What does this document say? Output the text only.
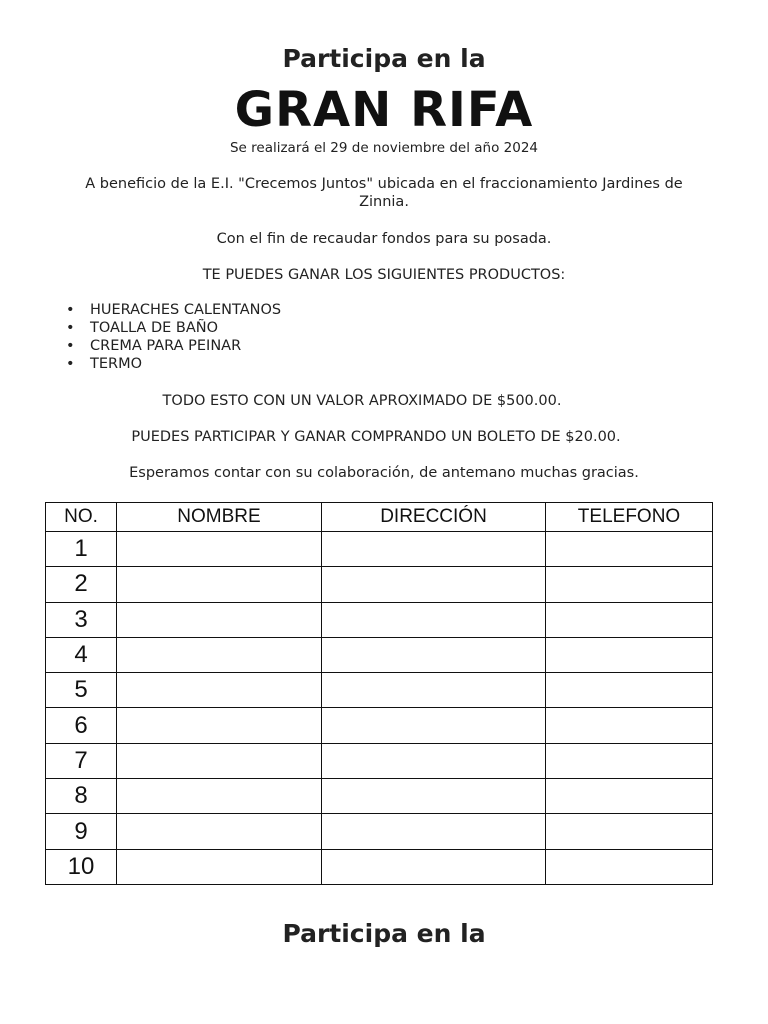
Participa en la
GRAN RIFA
Se realizará el 29 de noviembre del año 2024
A beneficio de la E.I. "Crecemos Juntos" ubicada en el fraccionamiento Jardines de Zinnia.
Con el fin de recaudar fondos para su posada.
TE PUEDES GANAR LOS SIGUIENTES PRODUCTOS:
• HUERACHES CALENTANOS
• TOALLA DE BAÑO
• CREMA PARA PEINAR
• TERMO
TODO ESTO CON UN VALOR APROXIMADO DE $500.00.
PUEDES PARTICIPAR Y GANAR COMPRANDO UN BOLETO DE $20.00.
Esperamos contar con su colaboración, de antemano muchas gracias.
NO.	NOMBRE	DIRECCIÓN	TELEFONO
1			
2			
3			
4			
5			
6			
7			
8			
9			
10			
Participa en la
